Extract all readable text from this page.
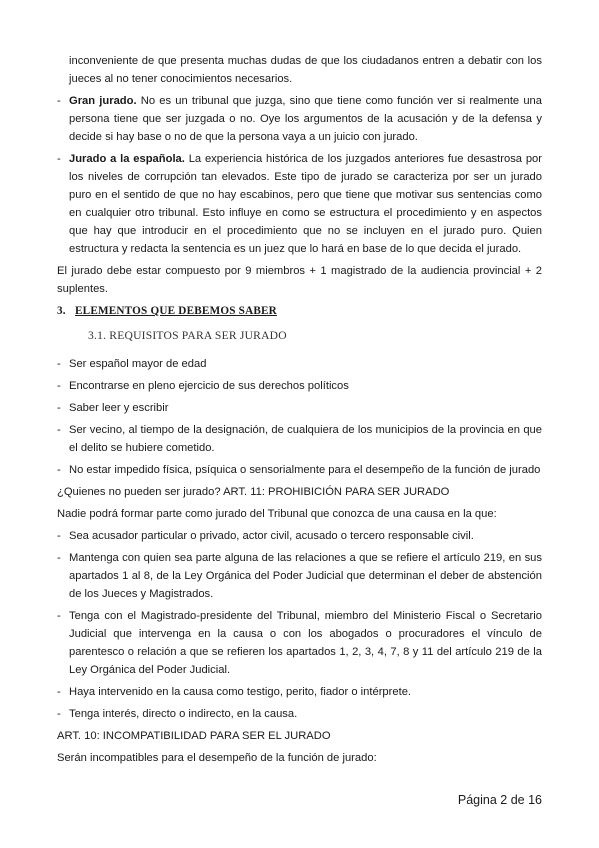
inconveniente de que presenta muchas dudas de que los ciudadanos entren a debatir con los jueces al no tener conocimientos necesarios.

- Gran jurado. No es un tribunal que juzga, sino que tiene como función ver si realmente una persona tiene que ser juzgada o no. Oye los argumentos de la acusación y de la defensa y decide si hay base o no de que la persona vaya a un juicio con jurado.
- Jurado a la española. La experiencia histórica de los juzgados anteriores fue desastrosa por los niveles de corrupción tan elevados. Este tipo de jurado se caracteriza por ser un jurado puro en el sentido de que no hay escabinos, pero que tiene que motivar sus sentencias como en cualquier otro tribunal. Esto influye en como se estructura el procedimiento y en aspectos que hay que introducir en el procedimiento que no se incluyen en el jurado puro. Quien estructura y redacta la sentencia es un juez que lo hará en base de lo que decida el jurado.

El jurado debe estar compuesto por 9 miembros + 1 magistrado de la audiencia provincial + 2 suplentes.

3. ELEMENTOS QUE DEBEMOS SABER
3.1. REQUISITOS PARA SER JURADO
- Ser español mayor de edad
- Encontrarse en pleno ejercicio de sus derechos políticos
- Saber leer y escribir
- Ser vecino, al tiempo de la designación, de cualquiera de los municipios de la provincia en que el delito se hubiere cometido.
- No estar impedido física, psíquica o sensorialmente para el desempeño de la función de jurado

¿Quienes no pueden ser jurado? ART. 11: PROHIBICIÓN PARA SER JURADO

Nadie podrá formar parte como jurado del Tribunal que conozca de una causa en la que:

- Sea acusador particular o privado, actor civil, acusado o tercero responsable civil.
- Mantenga con quien sea parte alguna de las relaciones a que se refiere el artículo 219, en sus apartados 1 al 8, de la Ley Orgánica del Poder Judicial que determinan el deber de abstención de los Jueces y Magistrados.
- Tenga con el Magistrado-presidente del Tribunal, miembro del Ministerio Fiscal o Secretario Judicial que intervenga en la causa o con los abogados o procuradores el vínculo de parentesco o relación a que se refieren los apartados 1, 2, 3, 4, 7, 8 y 11 del artículo 219 de la Ley Orgánica del Poder Judicial.
- Haya intervenido en la causa como testigo, perito, fiador o intérprete.
- Tenga interés, directo o indirecto, en la causa.

ART. 10: INCOMPATIBILIDAD PARA SER EL JURADO

Serán incompatibles para el desempeño de la función de jurado:

Página 2 de 16
